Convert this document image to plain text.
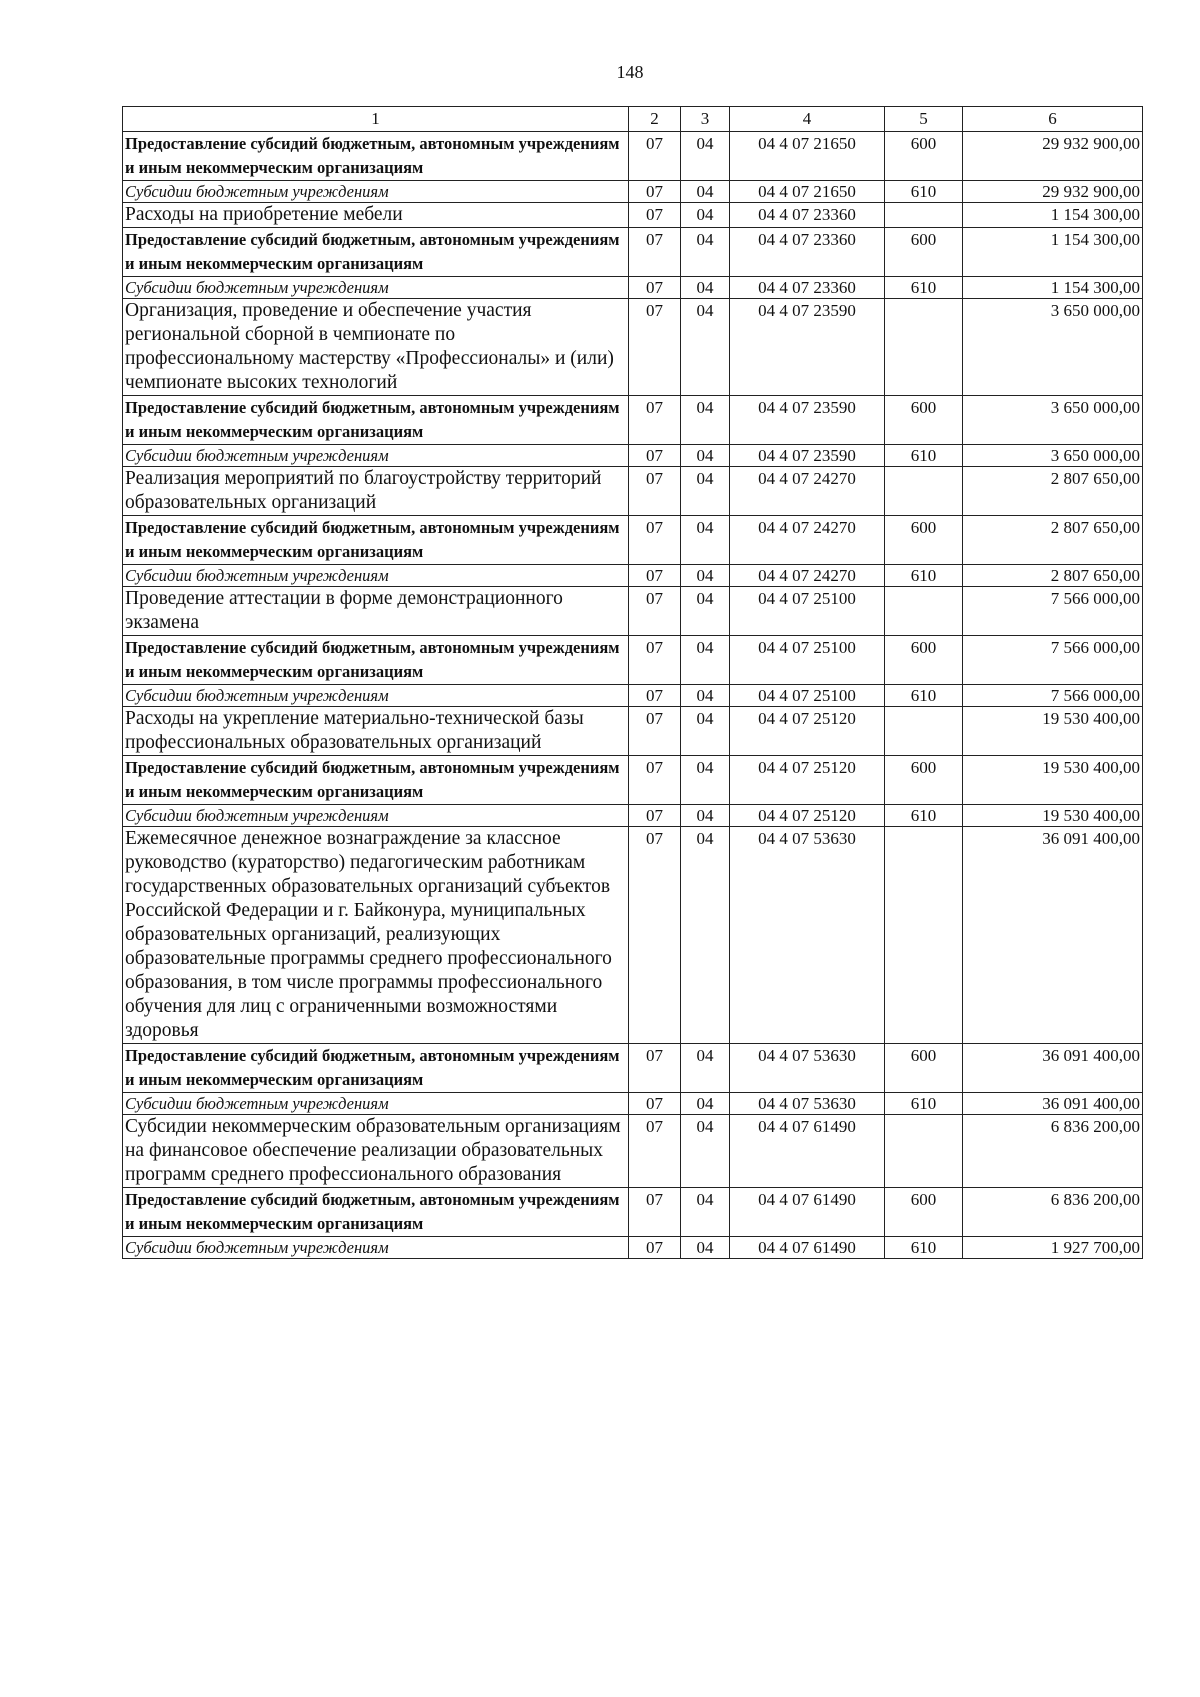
148
1	2	3	4	5	6
Предоставление субсидий бюджетным, автономным учреждениям и иным некоммерческим организациям	07	04	04 4 07 21650	600	29 932 900,00
Субсидии бюджетным учреждениям	07	04	04 4 07 21650	610	29 932 900,00
Расходы на приобретение мебели	07	04	04 4 07 23360		1 154 300,00
Предоставление субсидий бюджетным, автономным учреждениям и иным некоммерческим организациям	07	04	04 4 07 23360	600	1 154 300,00
Субсидии бюджетным учреждениям	07	04	04 4 07 23360	610	1 154 300,00
Организация, проведение и обеспечение участия региональной сборной в чемпионате по профессиональному мастерству «Профессионалы» и (или) чемпионате высоких технологий	07	04	04 4 07 23590		3 650 000,00
Предоставление субсидий бюджетным, автономным учреждениям и иным некоммерческим организациям	07	04	04 4 07 23590	600	3 650 000,00
Субсидии бюджетным учреждениям	07	04	04 4 07 23590	610	3 650 000,00
Реализация мероприятий по благоустройству территорий образовательных организаций	07	04	04 4 07 24270		2 807 650,00
Предоставление субсидий бюджетным, автономным учреждениям и иным некоммерческим организациям	07	04	04 4 07 24270	600	2 807 650,00
Субсидии бюджетным учреждениям	07	04	04 4 07 24270	610	2 807 650,00
Проведение аттестации в форме демонстрационного экзамена	07	04	04 4 07 25100		7 566 000,00
Предоставление субсидий бюджетным, автономным учреждениям и иным некоммерческим организациям	07	04	04 4 07 25100	600	7 566 000,00
Субсидии бюджетным учреждениям	07	04	04 4 07 25100	610	7 566 000,00
Расходы на укрепление материально-технической базы профессиональных образовательных организаций	07	04	04 4 07 25120		19 530 400,00
Предоставление субсидий бюджетным, автономным учреждениям и иным некоммерческим организациям	07	04	04 4 07 25120	600	19 530 400,00
Субсидии бюджетным учреждениям	07	04	04 4 07 25120	610	19 530 400,00
Ежемесячное денежное вознаграждение за классное руководство (кураторство) педагогическим работникам государственных образовательных организаций субъектов Российской Федерации и г. Байконура, муниципальных образовательных организаций, реализующих образовательные программы среднего профессионального образования, в том числе программы профессионального обучения для лиц с ограниченными возможностями здоровья	07	04	04 4 07 53630		36 091 400,00
Предоставление субсидий бюджетным, автономным учреждениям и иным некоммерческим организациям	07	04	04 4 07 53630	600	36 091 400,00
Субсидии бюджетным учреждениям	07	04	04 4 07 53630	610	36 091 400,00
Субсидии некоммерческим образовательным организациям на финансовое обеспечение реализации образовательных программ среднего профессионального образования	07	04	04 4 07 61490		6 836 200,00
Предоставление субсидий бюджетным, автономным учреждениям и иным некоммерческим организациям	07	04	04 4 07 61490	600	6 836 200,00
Субсидии бюджетным учреждениям	07	04	04 4 07 61490	610	1 927 700,00
